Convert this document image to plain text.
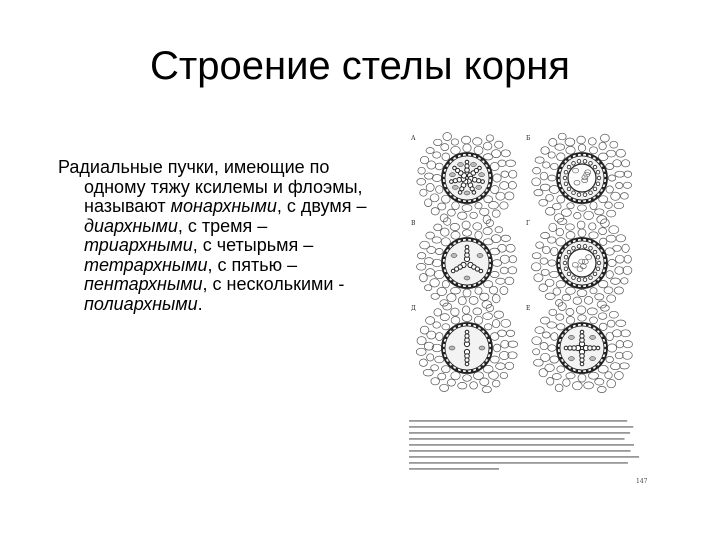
Строение стелы корня

Радиальные пучки, имеющие по одному тяжу ксилемы и флоэмы, называют монархными, с двумя – диархными, с тремя – триархными, с четырьмя – тетрархными, с пятью – пентархными, с несколькими - полиархными.

А	Б
В	Г
Д	Е
147
